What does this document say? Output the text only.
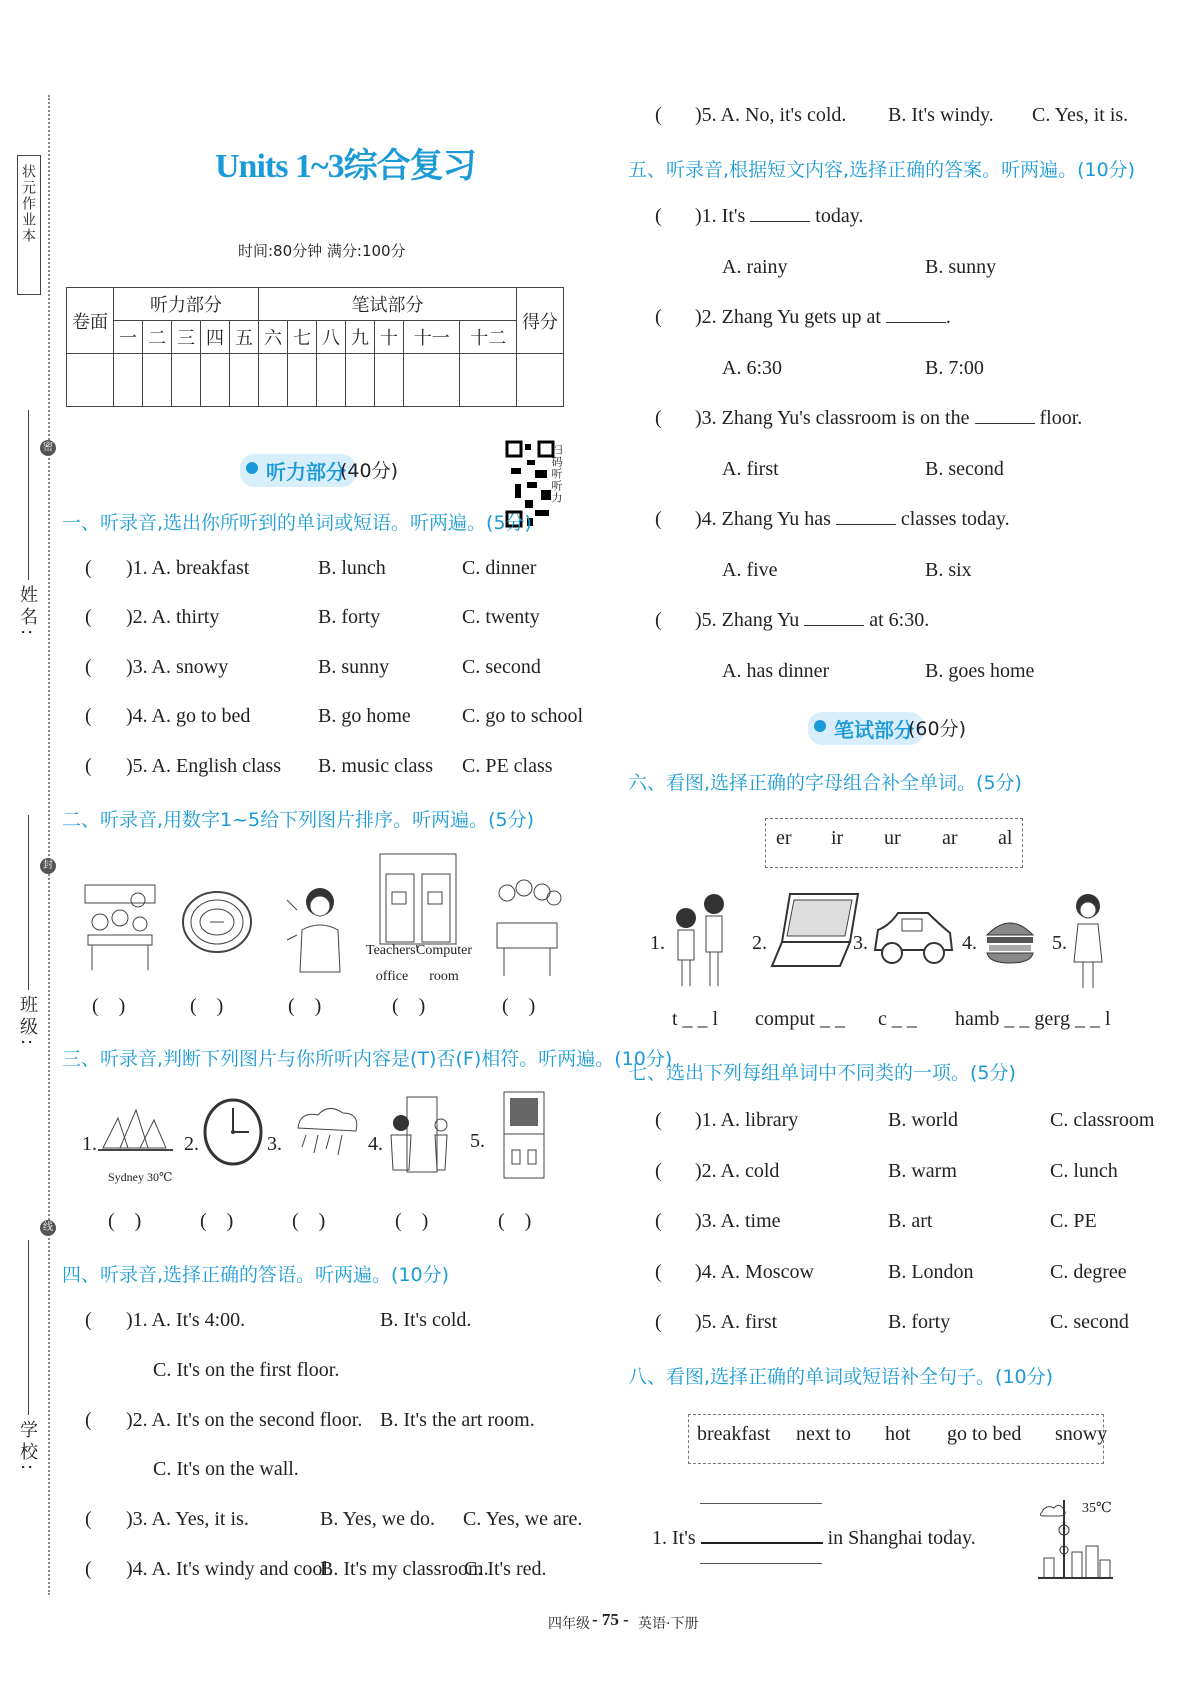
状元作业本
姓名:
班级:
学校:
密
封
线
Units 1~3综合复习
时间:80分钟 满分:100分
卷面	听力部分					笔试部分							得分
	一	二	三	四	五	六	七	八	九	十	十一	十二	

听力部分
(40分)	扫码听听力
一、听录音,选出你所听到的单词或短语。听两遍。(5分)
( )1. A. breakfast	B. lunch	C. dinner
( )2. A. thirty	B. forty	C. twenty
( )3. A. snowy	B. sunny	C. second
( )4. A. go to bed	B. go home	C. go to school
( )5. A. English class B. music class C. PE class
二、听录音,用数字1~5给下列图片排序。听两遍。(5分)
Teachers' office
Computer room
(    )	(    )	(    )	(    )	(    )
三、听录音,判断下列图片与你所听内容是(T)否(F)相符。听两遍。(10分)
1.
Sydney 30℃
2.	3.	4.	5.
(    )	(    )	(    )	(    )	(    )
四、听录音,选择正确的答语。听两遍。(10分)
( )1. A. It's 4:00.	B. It's cold.
C. It's on the first floor.
( )2. A. It's on the second floor. B. It's the art room.
C. It's on the wall.
( )3. A. Yes, it is.	B. Yes, we do. C. Yes, we are.
( )4. A. It's windy and cool.
B. It's my classroom.
C. It's red.
( )5. A. No, it's cold. B. It's windy. C. Yes, it is.
五、听录音,根据短文内容,选择正确的答案。听两遍。(10分)
( )1. It's	today.
A. rainy	B. sunny
( )2. Zhang Yu gets up at	.
A. 6:30	B. 7:00
( )3. Zhang Yu's classroom is on the	floor.
A. first	B. second
( )4. Zhang Yu has	classes today.
A. five	B. six
( )5. Zhang Yu	at 6:30.
A. has dinner	B. goes home
笔试部分
(60分)
六、看图,选择正确的字母组合补全单词。(5分)
er ir ur ar al
1.	2.	3.	4.	5.
t _ _ l comput _ _ c _ _ hamb _ _ ger g _ _ l
七、选出下列每组单词中不同类的一项。(5分)
( )1. A. library	B. world	C. classroom
( )2. A. cold	B. warm	C. lunch
( )3. A. time	B. art	C. PE
( )4. A. Moscow	B. London	C. degree
( )5. A. first	B. forty	C. second
八、看图,选择正确的单词或短语补全句子。(10分)
breakfast next to hot go to bed snowy
1. It's	in Shanghai today.
35℃
四年级 - 75 - 英语·下册
